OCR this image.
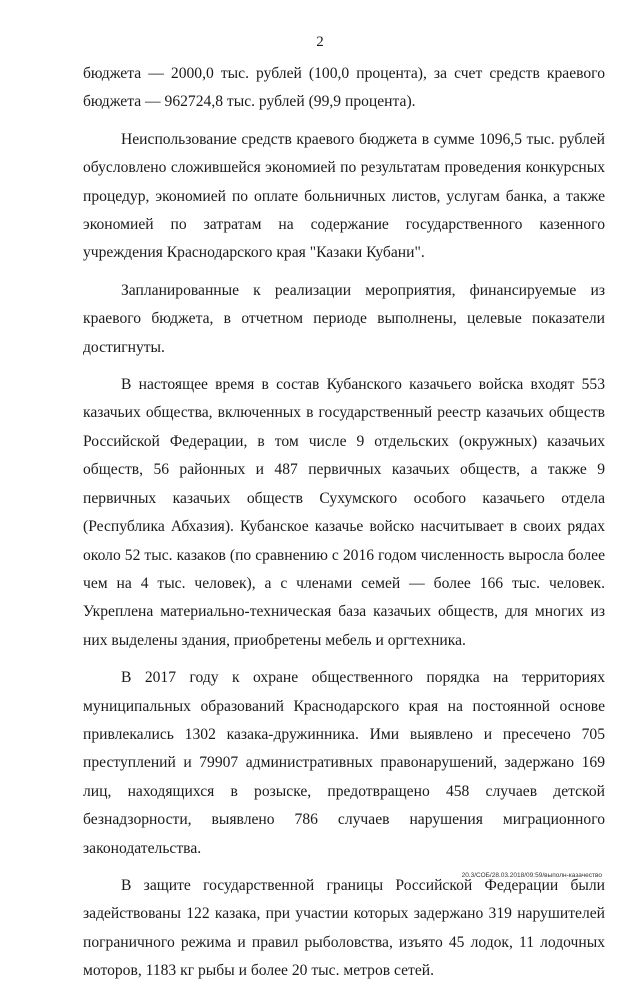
2

бюджета — 2000,0 тыс. рублей (100,0 процента), за счет средств краевого бюджета — 962724,8 тыс. рублей (99,9 процента).

Неиспользование средств краевого бюджета в сумме 1096,5 тыс. рублей обусловлено сложившейся экономией по результатам проведения конкурсных процедур, экономией по оплате больничных листов, услугам банка, а также экономией по затратам на содержание государственного казенного учреждения Краснодарского края "Казаки Кубани".

Запланированные к реализации мероприятия, финансируемые из краевого бюджета, в отчетном периоде выполнены, целевые показатели достигнуты.

В настоящее время в состав Кубанского казачьего войска входят 553 казачьих общества, включенных в государственный реестр казачьих обществ Российской Федерации, в том числе 9 отдельских (окружных) казачьих обществ, 56 районных и 487 первичных казачьих обществ, а также 9 первичных казачьих обществ Сухумского особого казачьего отдела (Республика Абхазия). Кубанское казачье войско насчитывает в своих рядах около 52 тыс. казаков (по сравнению с 2016 годом численность выросла более чем на 4 тыс. человек), а с членами семей — более 166 тыс. человек. Укреплена материально-техническая база казачьих обществ, для многих из них выделены здания, приобретены мебель и оргтехника.

В 2017 году к охране общественного порядка на территориях муниципальных образований Краснодарского края на постоянной основе привлекались 1302 казака-дружинника. Ими выявлено и пресечено 705 преступлений и 79907 административных правонарушений, задержано 169 лиц, находящихся в розыске, предотвращено 458 случаев детской безнадзорности, выявлено 786 случаев нарушения миграционного законодательства.

В защите государственной границы Российской Федерации были задействованы 122 казака, при участии которых задержано 319 нарушителей пограничного режима и правил рыболовства, изъято 45 лодок, 11 лодочных моторов, 1183 кг рыбы и более 20 тыс. метров сетей.

20.3/СОБ/28.03.2018/09:59/выполн-казачество
